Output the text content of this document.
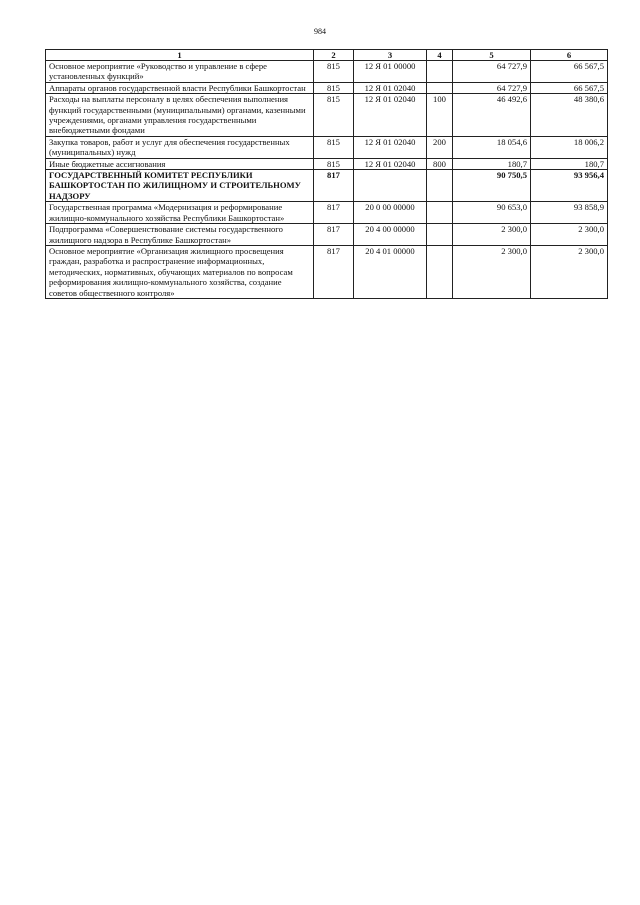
984
1	2	3	4	5	6
Основное мероприятие «Руководство и управление в сфере установленных функций»	815	12 Я 01 00000		64 727,9	66 567,5
Аппараты органов государственной власти Республики Башкортостан	815	12 Я 01 02040		64 727,9	66 567,5
Расходы на выплаты персоналу в целях обеспечения выполнения функций государственными (муниципальными) органами, казенными учреждениями, органами управления государственными внебюджетными фондами	815	12 Я 01 02040	100	46 492,6	48 380,6
Закупка товаров, работ и услуг для обеспечения государственных (муниципальных) нужд	815	12 Я 01 02040	200	18 054,6	18 006,2
Иные бюджетные ассигнования	815	12 Я 01 02040	800	180,7	180,7
ГОСУДАРСТВЕННЫЙ КОМИТЕТ РЕСПУБЛИКИ БАШКОРТОСТАН ПО ЖИЛИЩНОМУ И СТРОИТЕЛЬНОМУ НАДЗОРУ	817			90 750,5	93 956,4
Государственная программа «Модернизация и реформирование жилищно-коммунального хозяйства Республики Башкортостан»	817	20 0 00 00000		90 653,0	93 858,9
Подпрограмма «Совершенствование системы государственного жилищного надзора в Республике Башкортостан»	817	20 4 00 00000		2 300,0	2 300,0
Основное мероприятие «Организация жилищного просвещения граждан, разработка и распространение информационных, методических, нормативных, обучающих материалов по вопросам реформирования жилищно-коммунального хозяйства, создание советов общественного контроля»	817	20 4 01 00000		2 300,0	2 300,0
